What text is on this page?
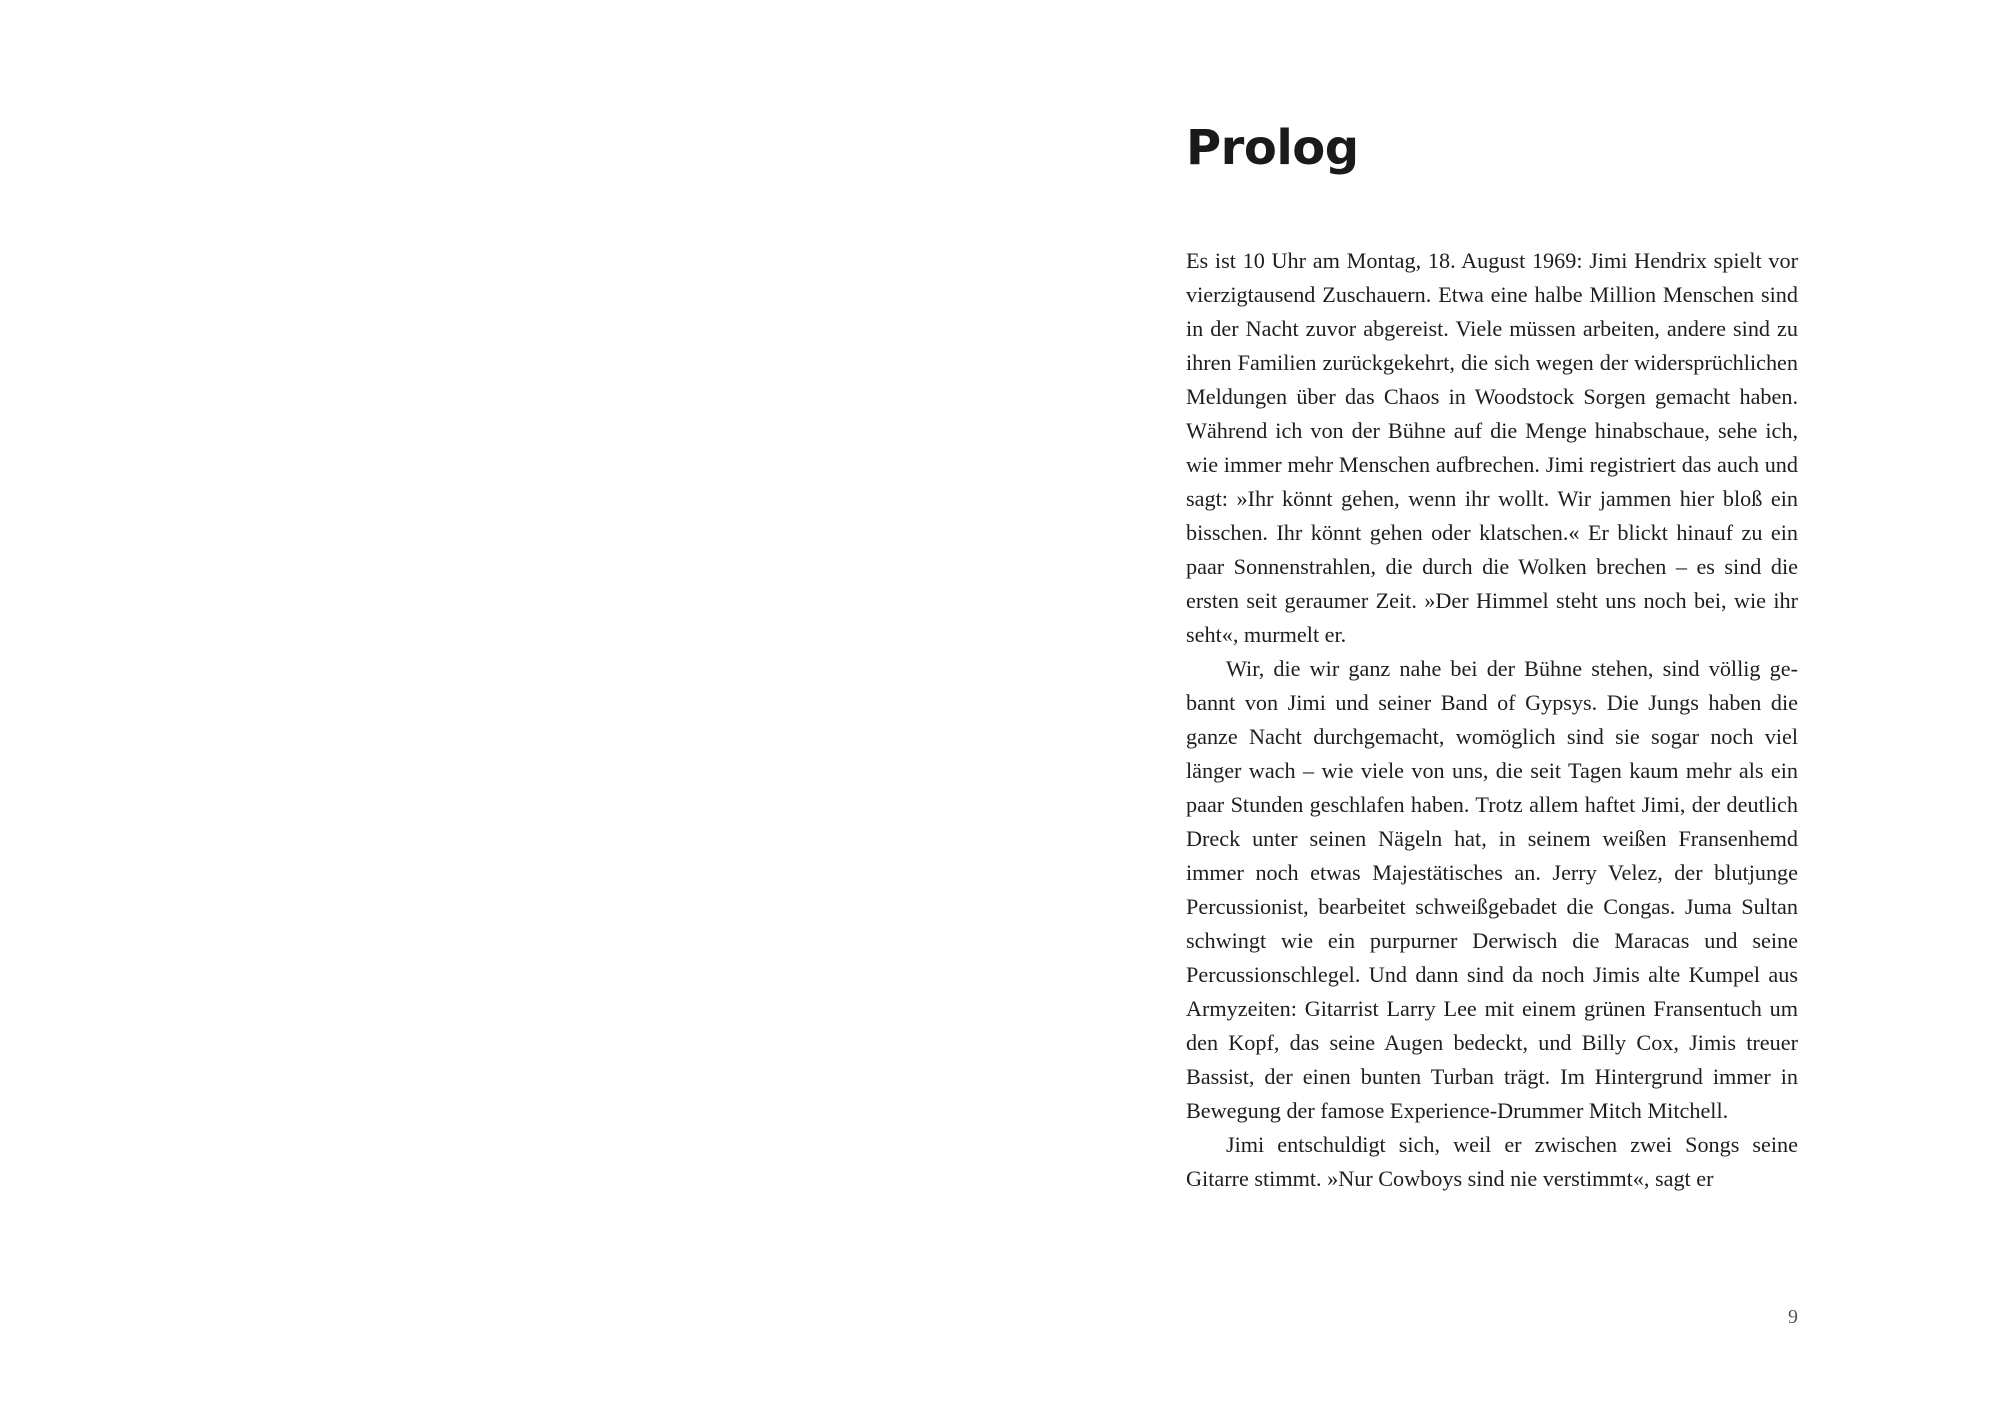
Prolog

Es ist 10 Uhr am Montag, 18. August 1969: Jimi Hendrix spielt vor vierzigtausend Zuschauern. Etwa eine halbe Million Menschen sind in der Nacht zuvor abgereist. Viele müssen arbeiten, andere sind zu ihren Familien zurückgekehrt, die sich wegen der widersprüchlichen Meldungen über das Chaos in Woodstock Sorgen gemacht haben. Während ich von der Bühne auf die Menge hinabschaue, sehe ich, wie immer mehr Menschen aufbrechen. Jimi registriert das auch und sagt: »Ihr könnt gehen, wenn ihr wollt. Wir jammen hier bloß ein bisschen. Ihr könnt gehen oder klatschen.« Er blickt hinauf zu ein paar Sonnenstrahlen, die durch die Wolken brechen – es sind die ersten seit geraumer Zeit. »Der Himmel steht uns noch bei, wie ihr seht«, murmelt er.

Wir, die wir ganz nahe bei der Bühne stehen, sind völlig gebannt von Jimi und seiner Band of Gypsys. Die Jungs haben die ganze Nacht durchgemacht, womöglich sind sie sogar noch viel länger wach – wie viele von uns, die seit Tagen kaum mehr als ein paar Stunden geschlafen haben. Trotz allem haftet Jimi, der deutlich Dreck unter seinen Nägeln hat, in seinem weißen Fransenhemd immer noch etwas Majestätisches an. Jerry Velez, der blutjunge Percussionist, bearbeitet schweißgebadet die Congas. Juma Sultan schwingt wie ein purpurner Derwisch die Maracas und seine Percussionschlegel. Und dann sind da noch Jimis alte Kumpel aus Armyzeiten: Gitarrist Larry Lee mit einem grünen Fransentuch um den Kopf, das seine Augen bedeckt, und Billy Cox, Jimis treuer Bassist, der einen bunten Turban trägt. Im Hintergrund immer in Bewegung der famose Experience-Drummer Mitch Mitchell.

Jimi entschuldigt sich, weil er zwischen zwei Songs seine Gitarre stimmt. »Nur Cowboys sind nie verstimmt«, sagt er

9
